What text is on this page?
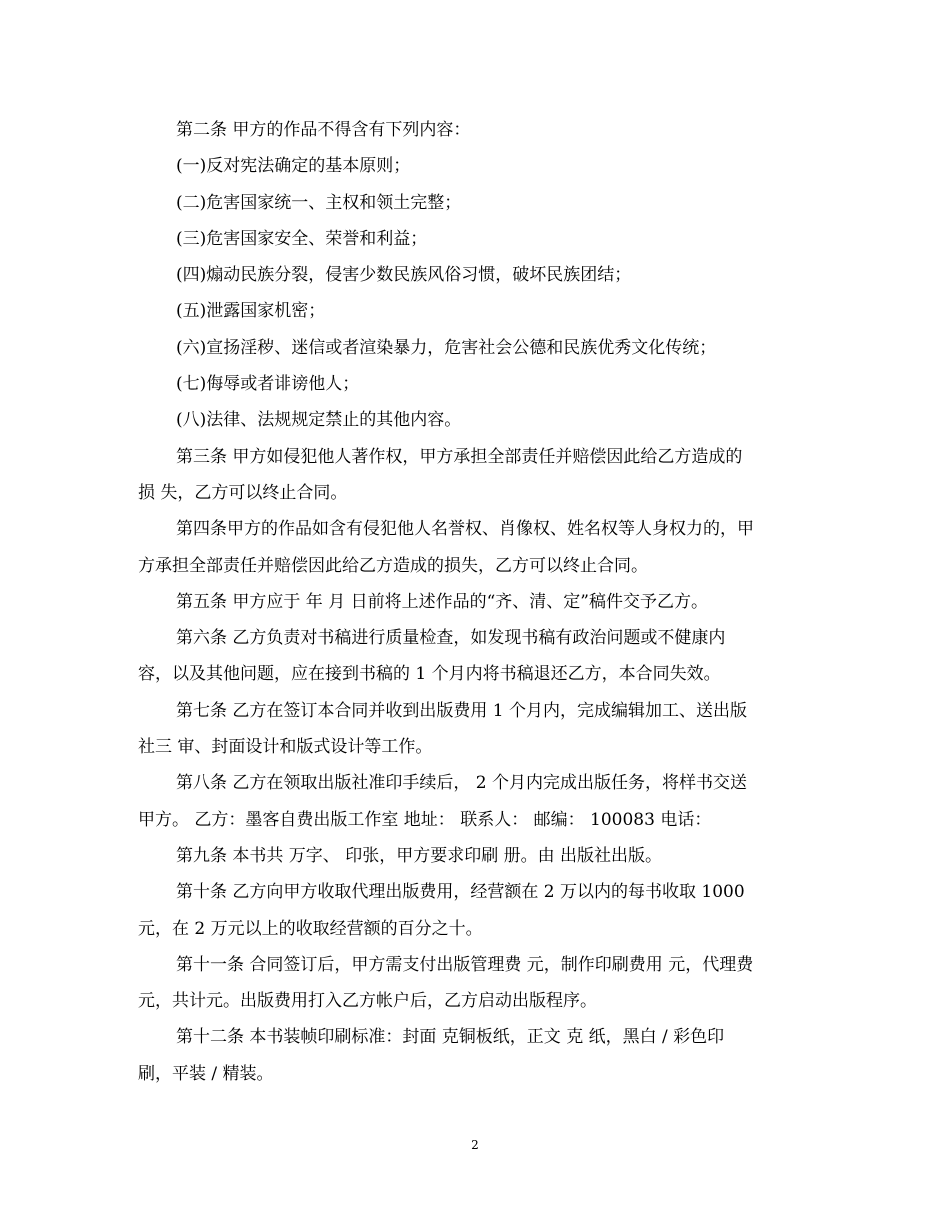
第二条 甲方的作品不得含有下列内容：
(一)反对宪法确定的基本原则；
(二)危害国家统一、主权和领土完整；
(三)危害国家安全、荣誉和利益；
(四)煽动民族分裂，侵害少数民族风俗习惯，破坏民族团结；
(五)泄露国家机密；
(六)宣扬淫秽、迷信或者渲染暴力，危害社会公德和民族优秀文化传统；
(七)侮辱或者诽谤他人；
(八)法律、法规规定禁止的其他内容。
第三条 甲方如侵犯他人著作权，甲方承担全部责任并赔偿因此给乙方造成的
损 失，乙方可以终止合同。
第四条甲方的作品如含有侵犯他人名誉权、肖像权、姓名权等人身权力的，甲
方承担全部责任并赔偿因此给乙方造成的损失，乙方可以终止合同。
第五条 甲方应于 年 月 日前将上述作品的“齐、清、定”稿件交予乙方。
第六条 乙方负责对书稿进行质量检查，如发现书稿有政治问题或不健康内
容，以及其他问题，应在接到书稿的 1 个月内将书稿退还乙方，本合同失效。
第七条 乙方在签订本合同并收到出版费用 1 个月内，完成编辑加工、送出版
社三 审、封面设计和版式设计等工作。
第八条 乙方在领取出版社准印手续后， 2 个月内完成出版任务，将样书交送
甲方。 乙方：墨客自费出版工作室 地址： 联系人： 邮编： 100083 电话：
第九条 本书共 万字、 印张，甲方要求印刷 册。由 出版社出版。
第十条 乙方向甲方收取代理出版费用，经营额在 2 万以内的每书收取 1000
元，在 2 万元以上的收取经营额的百分之十。
第十一条 合同签订后，甲方需支付出版管理费 元，制作印刷费用 元，代理费
元，共计元。出版费用打入乙方帐户后，乙方启动出版程序。
第十二条 本书装帧印刷标准：封面 克铜板纸，正文 克 纸，黑白 / 彩色印
刷，平装 / 精装。
2
